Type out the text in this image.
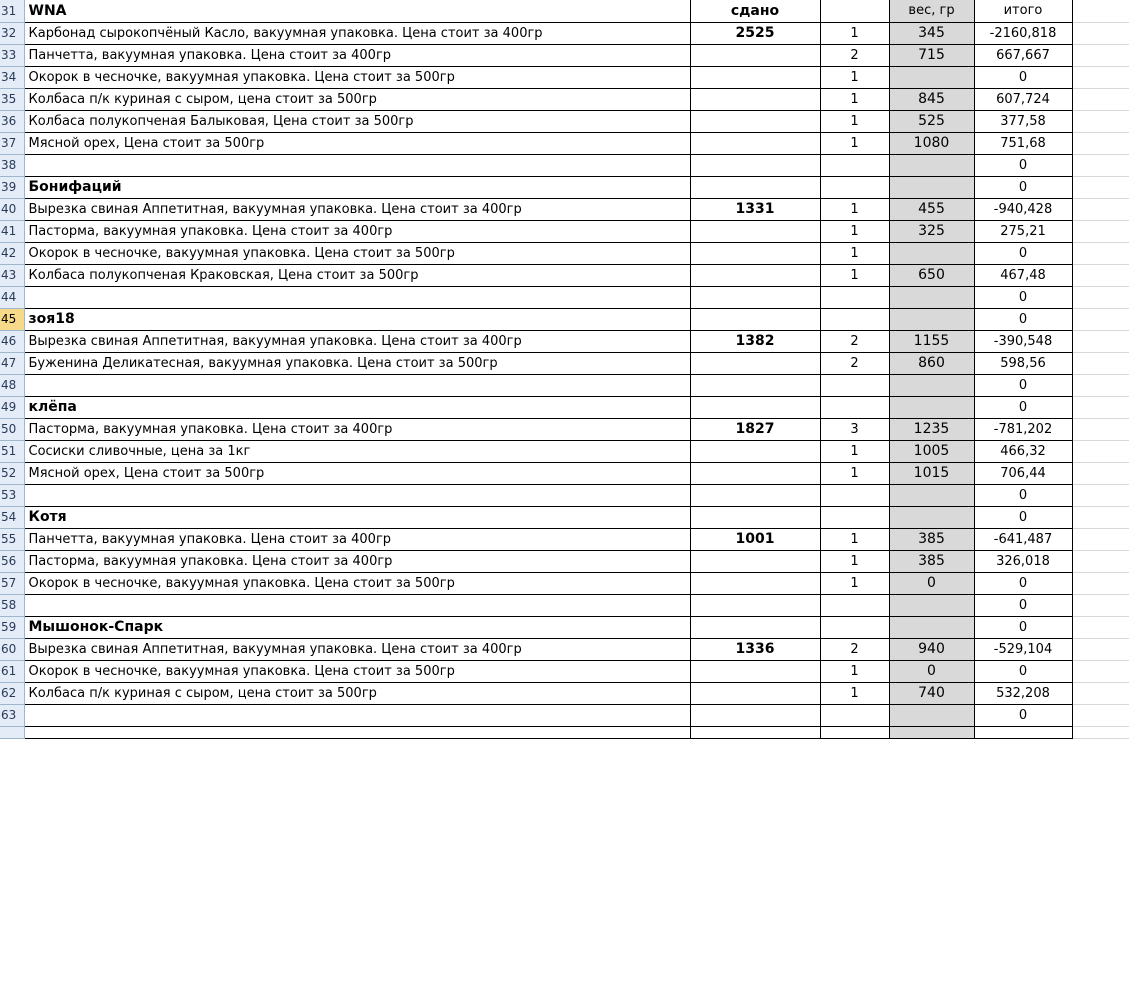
31	WNA	сдано		вес, гр	итого	
32	Карбонад сырокопчёный Касло, вакуумная упаковка. Цена стоит за 400гр	2525	1	345	-2160,818	
33	Панчетта, вакуумная упаковка. Цена стоит за 400гр		2	715	667,667	
34	Окорок в чесночке, вакуумная упаковка. Цена стоит за 500гр		1		0	
35	Колбаса п/к куриная с сыром, цена стоит за 500гр		1	845	607,724	
36	Колбаса полукопченая Балыковая, Цена стоит за 500гр		1	525	377,58	
37	Мясной орех, Цена стоит за 500гр		1	1080	751,68	
38					0	
39	Бонифаций				0	
40	Вырезка свиная Аппетитная, вакуумная упаковка. Цена стоит за 400гр	1331	1	455	-940,428	
41	Пасторма, вакуумная упаковка. Цена стоит за 400гр		1	325	275,21	
42	Окорок в чесночке, вакуумная упаковка. Цена стоит за 500гр		1		0	
43	Колбаса полукопченая Краковская, Цена стоит за 500гр		1	650	467,48	
44					0	
45	зоя18				0	
46	Вырезка свиная Аппетитная, вакуумная упаковка. Цена стоит за 400гр	1382	2	1155	-390,548	
47	Буженина Деликатесная, вакуумная упаковка. Цена стоит за 500гр		2	860	598,56	
48					0	
49	клёпа				0	
50	Пасторма, вакуумная упаковка. Цена стоит за 400гр	1827	3	1235	-781,202	
51	Сосиски сливочные, цена за 1кг		1	1005	466,32	
52	Мясной орех, Цена стоит за 500гр		1	1015	706,44	
53					0	
54	Котя				0	
55	Панчетта, вакуумная упаковка. Цена стоит за 400гр	1001	1	385	-641,487	
56	Пасторма, вакуумная упаковка. Цена стоит за 400гр		1	385	326,018	
57	Окорок в чесночке, вакуумная упаковка. Цена стоит за 500гр		1	0	0	
58					0	
59	Мышонок-Спарк				0	
60	Вырезка свиная Аппетитная, вакуумная упаковка. Цена стоит за 400гр	1336	2	940	-529,104	
61	Окорок в чесночке, вакуумная упаковка. Цена стоит за 500гр		1	0	0	
62	Колбаса п/к куриная с сыром, цена стоит за 500гр		1	740	532,208	
63					0	
